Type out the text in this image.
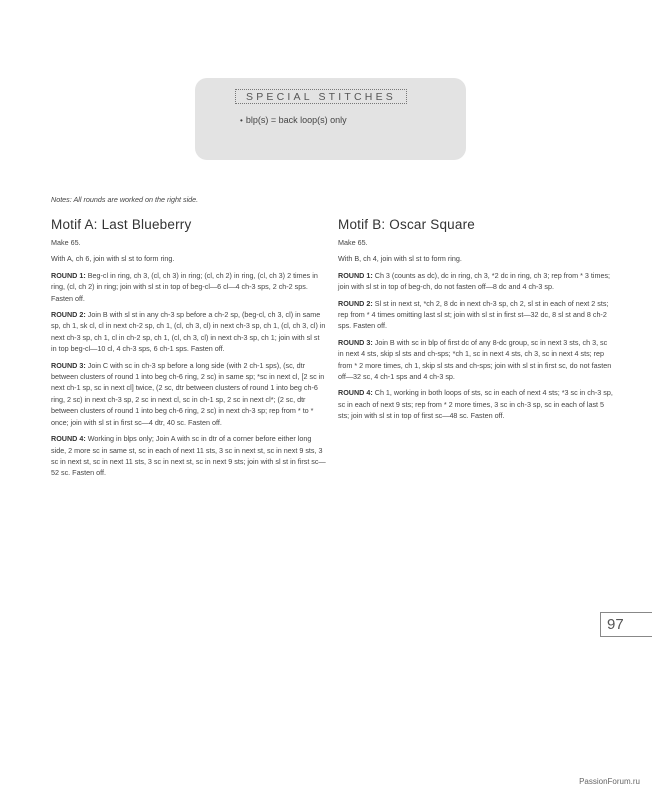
SPECIAL STITCHES
• blp(s) = back loop(s) only
Notes: All rounds are worked on the right side.
Motif A: Last Blueberry

Make 65.

With A, ch 6, join with sl st to form ring.

ROUND 1: Beg-cl in ring, ch 3, (cl, ch 3) in ring; (cl, ch 2) in ring, (cl, ch 3) 2 times in ring, (cl, ch 2) in ring; join with sl st in top of beg-cl—6 cl—4 ch-3 sps, 2 ch-2 sps. Fasten off.

ROUND 2: Join B with sl st in any ch-3 sp before a ch-2 sp, (beg-cl, ch 3, cl) in same sp, ch 1, sk cl, cl in next ch-2 sp, ch 1, (cl, ch 3, cl) in next ch-3 sp, ch 1, (cl, ch 3, cl) in next ch-3 sp, ch 1, cl in ch-2 sp, ch 1, (cl, ch 3, cl) in next ch-3 sp, ch 1; join with sl st in top beg-cl—10 cl, 4 ch-3 sps, 6 ch-1 sps. Fasten off.

ROUND 3: Join C with sc in ch-3 sp before a long side (with 2 ch-1 sps), (sc, dtr between clusters of round 1 into beg ch-6 ring, 2 sc) in same sp; *sc in next cl, [2 sc in next ch-1 sp, sc in next cl] twice, (2 sc, dtr between clusters of round 1 into beg ch-6 ring, 2 sc) in next ch-3 sp, 2 sc in next cl, sc in ch-1 sp, 2 sc in next cl*; (2 sc, dtr between clusters of round 1 into beg ch-6 ring, 2 sc) in next ch-3 sp; rep from * to * once; join with sl st in first sc—4 dtr, 40 sc. Fasten off.

ROUND 4: Working in blps only; Join A with sc in dtr of a corner before either long side, 2 more sc in same st, sc in each of next 11 sts, 3 sc in next st, sc in next 9 sts, 3 sc in next st, sc in next 11 sts, 3 sc in next st, sc in next 9 sts; join with sl st in first sc—52 sc. Fasten off.

Motif B: Oscar Square

Make 65.

With B, ch 4, join with sl st to form ring.

ROUND 1: Ch 3 (counts as dc), dc in ring, ch 3, *2 dc in ring, ch 3; rep from * 3 times; join with sl st in top of beg-ch, do not fasten off—8 dc and 4 ch-3 sp.

ROUND 2: Sl st in next st, *ch 2, 8 dc in next ch-3 sp, ch 2, sl st in each of next 2 sts; rep from * 4 times omitting last sl st; join with sl st in first st—32 dc, 8 sl st and 8 ch-2 sps. Fasten off.

ROUND 3: Join B with sc in blp of first dc of any 8-dc group, sc in next 3 sts, ch 3, sc in next 4 sts, skip sl sts and ch-sps; *ch 1, sc in next 4 sts, ch 3, sc in next 4 sts; rep from * 2 more times, ch 1, skip sl sts and ch-sps; join with sl st in first sc, do not fasten off—32 sc, 4 ch-1 sps and 4 ch-3 sp.

ROUND 4: Ch 1, working in both loops of sts, sc in each of next 4 sts; *3 sc in ch-3 sp, sc in each of next 9 sts; rep from * 2 more times, 3 sc in ch-3 sp, sc in each of last 5 sts; join with sl st in top of first sc—48 sc. Fasten off.

97
PassionForum.ru
